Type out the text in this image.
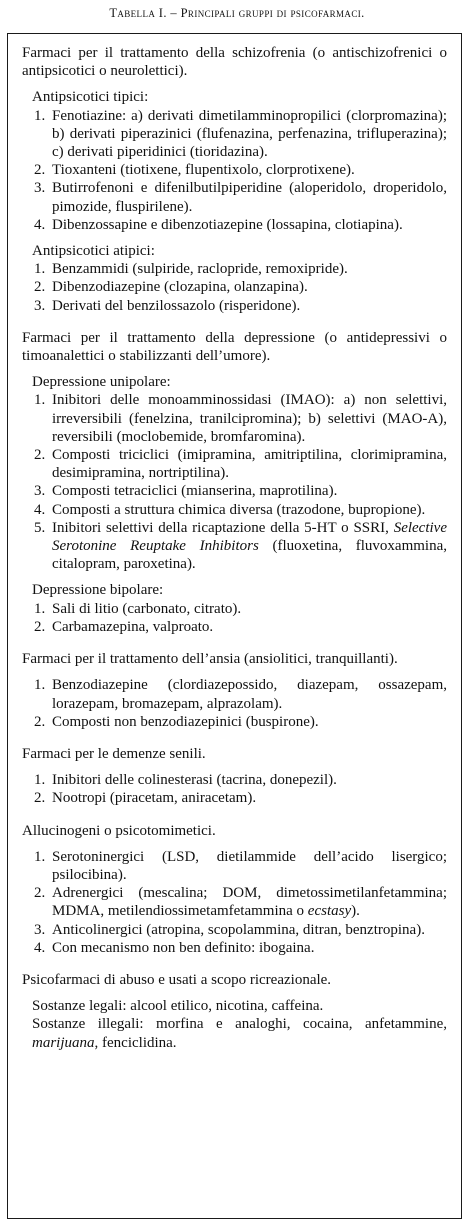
Tabella I. – Principali gruppi di psicofarmaci.

Farmaci per il trattamento della schizofrenia (o antischizofrenici o antipsicotici o neurolettici).

Antipsicotici tipici:

1. Fenotiazine: a) derivati dimetilamminopropilici (clorpromazina); b) derivati piperazinici (flufenazina, perfenazina, trifluperazina); c) derivati piperidinici (tioridazina).
2. Tioxanteni (tiotixene, flupentixolo, clorprotixene).
3. Butirrofenoni e difenilbutilpiperidine (aloperidolo, droperidolo, pimozide, fluspirilene).
4. Dibenzossapine e dibenzotiazepine (lossapina, clotiapina).

Antipsicotici atipici:

1. Benzammidi (sulpiride, raclopride, remoxipride).
2. Dibenzodiazepine (clozapina, olanzapina).
3. Derivati del benzilossazolo (risperidone).

Farmaci per il trattamento della depressione (o antidepressivi o timoanalettici o stabilizzanti dell’umore).

Depressione unipolare:

1. Inibitori delle monoamminossidasi (IMAO): a) non selettivi, irreversibili (fenelzina, tranilcipromina); b) selettivi (MAO-A), reversibili (moclobemide, bromfaromina).
2. Composti triciclici (imipramina, amitriptilina, clorimipramina, desimipramina, nortriptilina).
3. Composti tetraciclici (mianserina, maprotilina).
4. Composti a struttura chimica diversa (trazodone, bupropione).
5. Inibitori selettivi della ricaptazione della 5-HT o SSRI, Selective Serotonine Reuptake Inhibitors (fluoxetina, fluvoxammina, citalopram, paroxetina).

Depressione bipolare:

1. Sali di litio (carbonato, citrato).
2. Carbamazepina, valproato.

Farmaci per il trattamento dell’ansia (ansiolitici, tranquillanti).

1. Benzodiazepine (clordiazepossido, diazepam, ossazepam, lorazepam, bromazepam, alprazolam).
2. Composti non benzodiazepinici (buspirone).

Farmaci per le demenze senili.

1. Inibitori delle colinesterasi (tacrina, donepezil).
2. Nootropi (piracetam, aniracetam).

Allucinogeni o psicotomimetici.

1. Serotoninergici (LSD, dietilammide dell’acido lisergico; psilocibina).
2. Adrenergici (mescalina; DOM, dimetossimetilanfetammina; MDMA, metilendiossimetamfetammina o ecstasy).
3. Anticolinergici (atropina, scopolammina, ditran, benztropina).
4. Con mecanismo non ben definito: ibogaina.

Psicofarmaci di abuso e usati a scopo ricreazionale.

Sostanze legali: alcool etilico, nicotina, caffeina.

Sostanze illegali: morfina e analoghi, cocaina, anfetammine, marijuana, fenciclidina.
